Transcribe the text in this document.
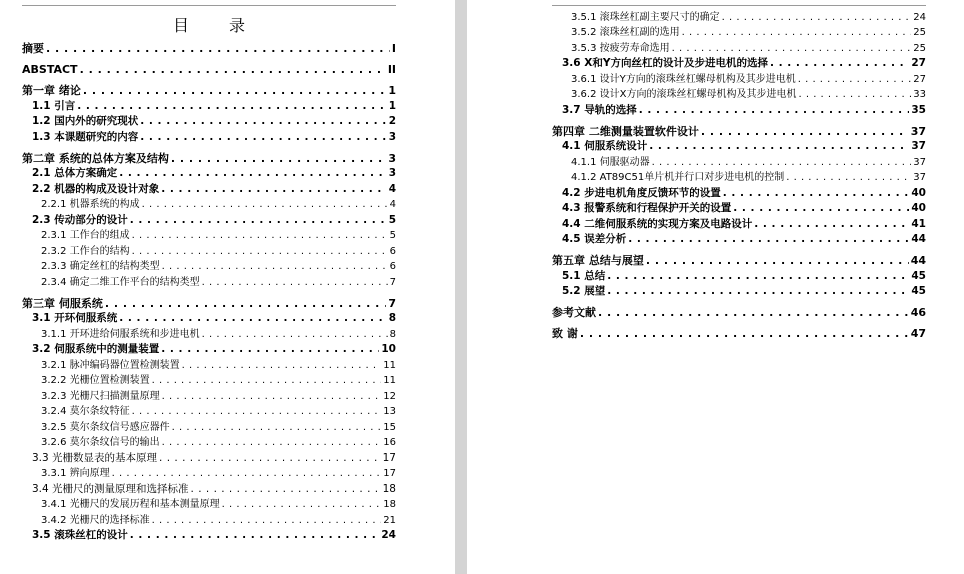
目　录
摘要 . . .	I
ABSTACT . . .	II
第一章 绪论 . . .	1
1.1 引言 . . .	1
1.2 国内外的研究现状 . . .	2
1.3 本课题研究的内容 . . .	3
第二章 系统的总体方案及结构 . . .	3
2.1 总体方案确定 . . .	3
2.2 机器的构成及设计对象 . . .	4
2.2.1 机器系统的构成 . . .	4
2.3 传动部分的设计 . . .	5
2.3.1 工作台的组成 . . .	5
2.3.2 工作台的结构 . . .	6
2.3.3 确定丝杠的结构类型 . . .	6
2.3.4 确定二维工作平台的结构类型 . . .	7
第三章 伺服系统 . . .	7
3.1 开环伺服系统 . . .	8
3.1.1 开环进给伺服系统和步进电机 . . .	8
3.2 伺服系统中的测量装置 . . .	10
3.2.1 脉冲编码器位置检测装置 . . .	11
3.2.2 光栅位置检测装置 . . .	11
3.2.3 光栅尺扫描测量原理 . . .	12
3.2.4 莫尔条纹特征 . . .	13
3.2.5 莫尔条纹信号感应器件 . . .	15
3.2.6 莫尔条纹信号的输出 . . .	16
3.3 光栅数显表的基本原理 . . .	17
3.3.1 辨向原理 . . .	17
3.4 光栅尺的测量原理和选择标准 . . .	18
3.4.1 光栅尺的发展历程和基本测量原理 . . .	18
3.4.2 光栅尺的选择标准 . . .	21
3.5 滚珠丝杠的设计 . . .	24
3.5.1 滚珠丝杠副主要尺寸的确定 . . .	24
3.5.2 滚珠丝杠副的选用 . . .	25
3.5.3 按疲劳寿命选用 . . .	25
3.6 X和Y方向丝杠的设计及步进电机的选择 . . .	27
3.6.1 设计Y方向的滚珠丝杠螺母机构及其步进电机 . . .	27
3.6.2 设计X方向的滚珠丝杠螺母机构及其步进电机 . . .	33
3.7 导轨的选择 . . .	35
第四章 二维测量装置软件设计 . . .	37
4.1 伺服系统设计 . . .	37
4.1.1 伺服驱动器 . . .	37
4.1.2 AT89C51单片机并行口对步进电机的控制 . . .	37
4.2 步进电机角度反馈环节的设置 . . .	40
4.3 报警系统和行程保护开关的设置 . . .	40
4.4 二维伺服系统的实现方案及电路设计 . . .	41
4.5 误差分析 . . .	44
第五章 总结与展望 . . .	44
5.1 总结 . . .	45
5.2 展望 . . .	45
参考文献 . . .	46
致 谢 . . .	47
